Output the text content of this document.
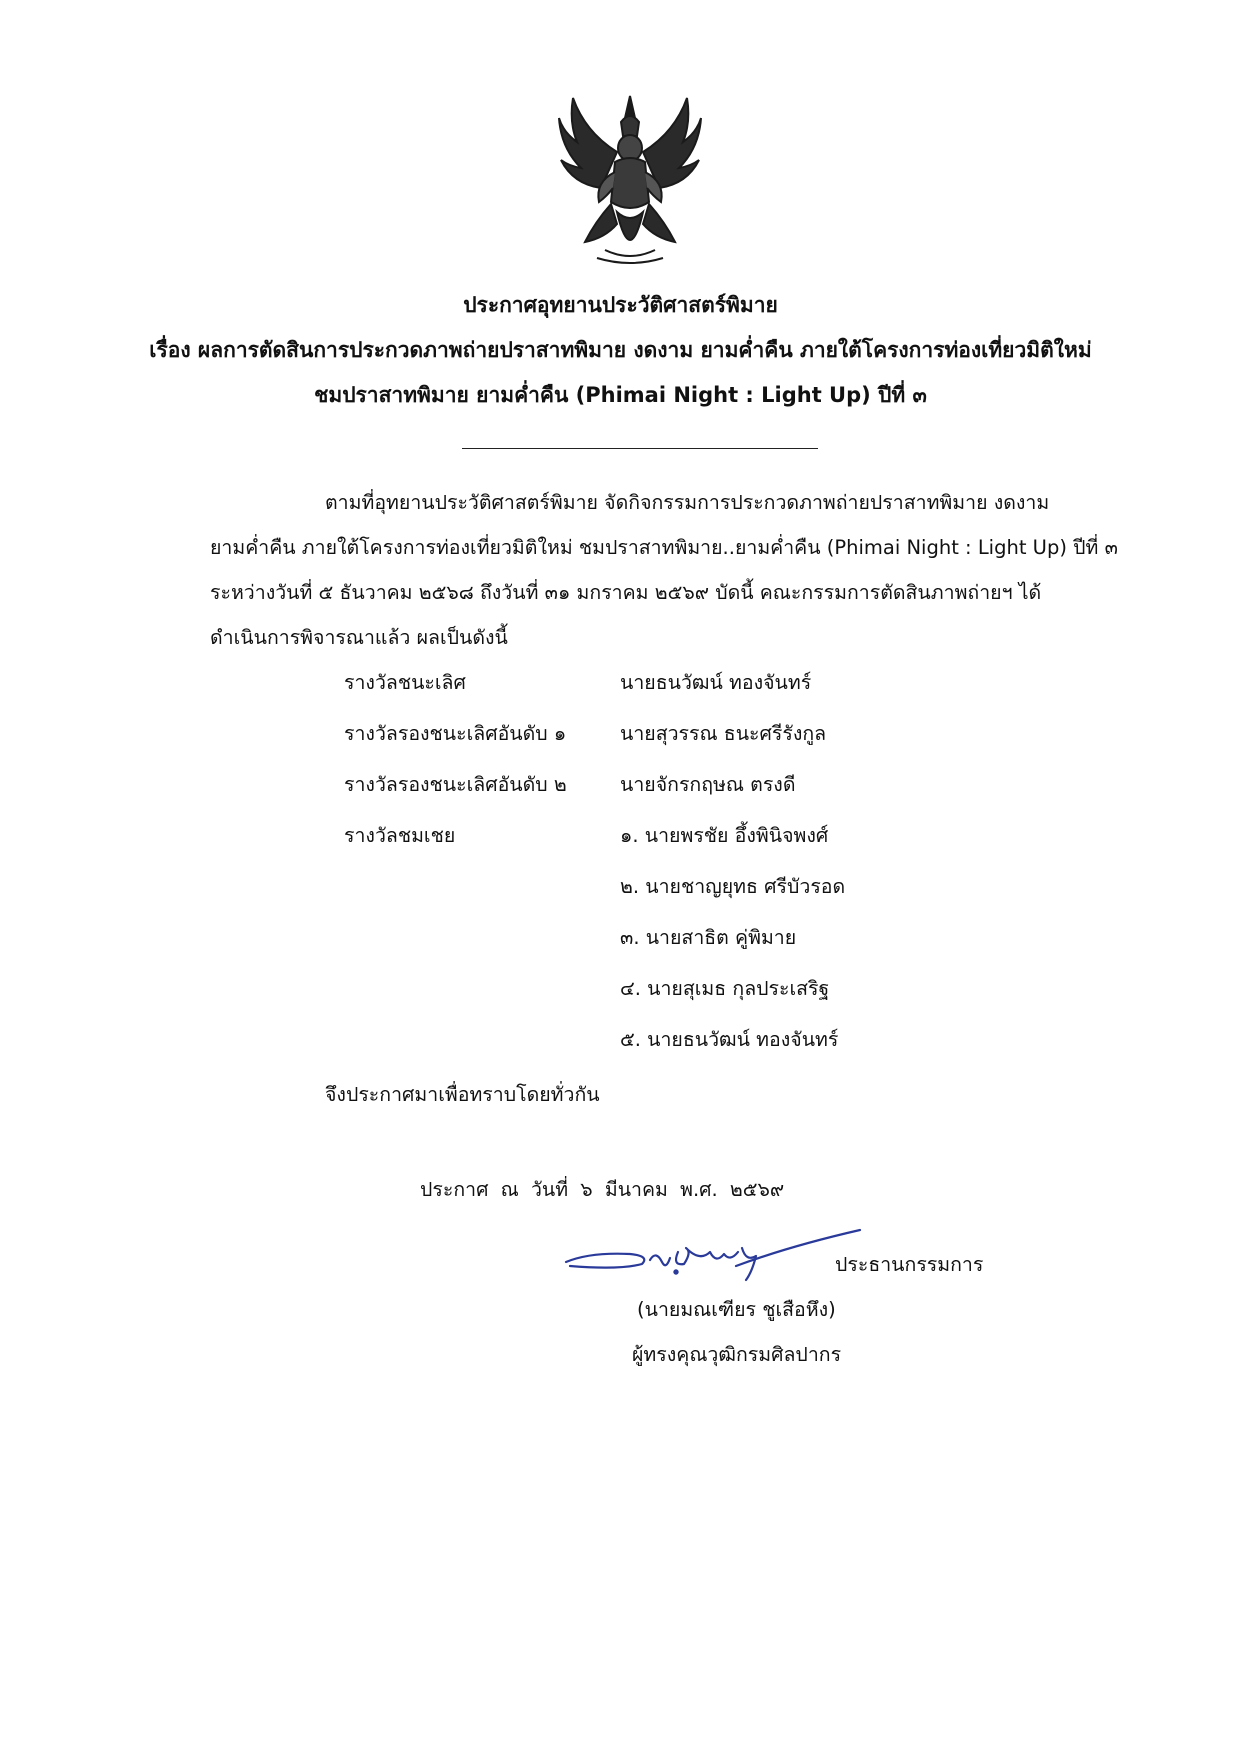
ประกาศอุทยานประวัติศาสตร์พิมาย
เรื่อง ผลการตัดสินการประกวดภาพถ่ายปราสาทพิมาย งดงาม ยามค่ำคืน ภายใต้โครงการท่องเที่ยวมิติใหม่
ชมปราสาทพิมาย ยามค่ำคืน (Phimai Night : Light Up) ปีที่ ๓
ตามที่อุทยานประวัติศาสตร์พิมาย จัดกิจกรรมการประกวดภาพถ่ายปราสาทพิมาย งดงาม
ยามค่ำคืน ภายใต้โครงการท่องเที่ยวมิติใหม่ ชมปราสาทพิมาย..ยามค่ำคืน (Phimai Night : Light Up) ปีที่ ๓
ระหว่างวันที่ ๕ ธันวาคม ๒๕๖๘ ถึงวันที่ ๓๑ มกราคม ๒๕๖๙ บัดนี้ คณะกรรมการตัดสินภาพถ่ายฯ ได้
ดำเนินการพิจารณาแล้ว ผลเป็นดังนี้
รางวัลชนะเลิศ	นายธนวัฒน์ ทองจันทร์
รางวัลรองชนะเลิศอันดับ ๑	นายสุวรรณ ธนะศรีรังกูล
รางวัลรองชนะเลิศอันดับ ๒	นายจักรกฤษณ ตรงดี
รางวัลชมเชย	๑. นายพรชัย อึ้งพินิจพงศ์
๒. นายชาญยุทธ ศรีบัวรอด
๓. นายสาธิต คู่พิมาย
๔. นายสุเมธ กุลประเสริฐ
๕. นายธนวัฒน์ ทองจันทร์
จึงประกาศมาเพื่อทราบโดยทั่วกัน
ประกาศ ณ วันที่ ๖ มีนาคม พ.ศ. ๒๕๖๙
ประธานกรรมการ
(นายมณเฑียร ชูเสือหึง)
ผู้ทรงคุณวุฒิกรมศิลปากร
